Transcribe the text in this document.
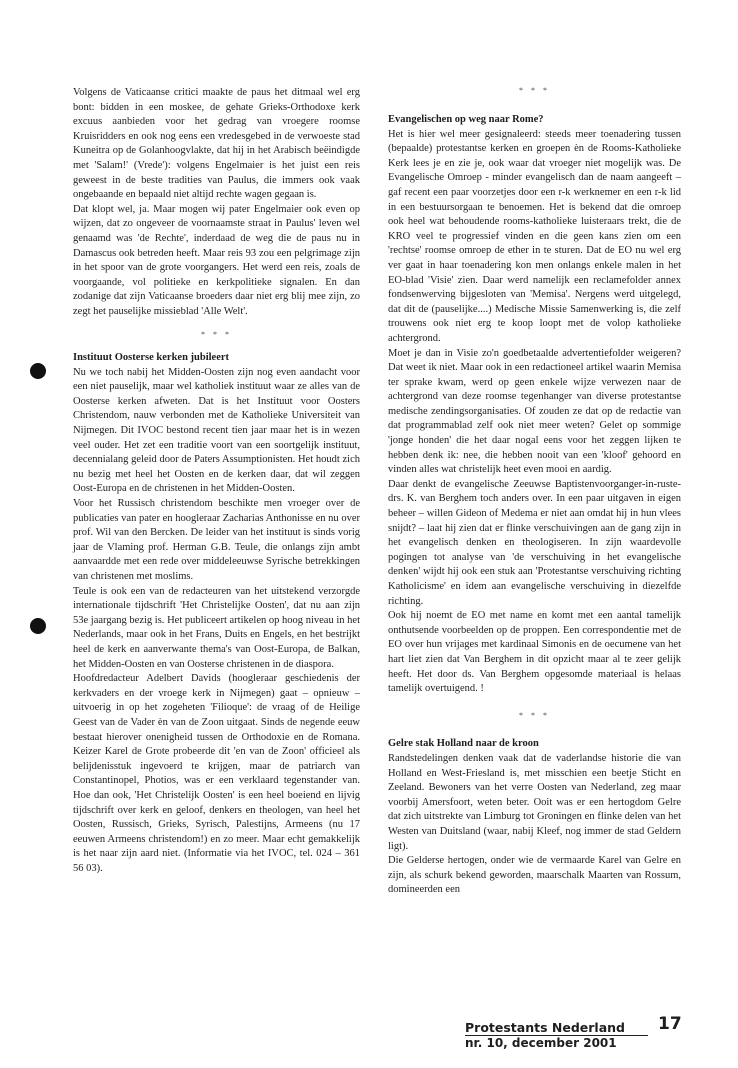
Volgens de Vaticaanse critici maakte de paus het ditmaal wel erg bont: bidden in een moskee, de gehate Grieks-Orthodoxe kerk excuus aanbieden voor het gedrag van vroegere roomse Kruisridders en ook nog eens een vredesgebed in de verwoeste stad Kuneitra op de Golanhoogvlakte, dat hij in het Arabisch beëindigde met 'Salam!' (Vrede'): volgens Engelmaier is het juist een reis geweest in de beste tradities van Paulus, die immers ook vaak ongebaande en bepaald niet altijd rechte wagen gegaan is.

Dat klopt wel, ja. Maar mogen wij pater Engelmaier ook even op wijzen, dat zo ongeveer de voornaamste straat in Paulus' leven wel genaamd was 'de Rechte', inderdaad de weg die de paus nu in Damascus ook betreden heeft. Maar reis 93 zou een pelgrimage zijn in het spoor van de grote voorgangers. Het werd een reis, zoals de voorgaande, vol politieke en kerkpolitieke signalen. En dan zodanige dat zijn Vaticaanse broeders daar niet erg blij mee zijn, zo zegt het pauselijke missieblad 'Alle Welt'.

* * *

Instituut Oosterse kerken jubileert

Nu we toch nabij het Midden-Oosten zijn nog even aandacht voor een niet pauselijk, maar wel katholiek instituut waar ze alles van de Oosterse kerken afweten. Dat is het Instituut voor Oosters Christendom, nauw verbonden met de Katholieke Universiteit van Nijmegen. Dit IVOC bestond recent tien jaar maar het is in wezen veel ouder. Het zet een traditie voort van een soortgelijk instituut, decennialang geleid door de Paters Assumptionisten. Het houdt zich nu bezig met heel het Oosten en de kerken daar, dat wil zeggen Oost-Europa en de christenen in het Midden-Oosten.

Voor het Russisch christendom beschikte men vroeger over de publicaties van pater en hoogleraar Zacharias Anthonisse en nu over prof. Wil van den Bercken. De leider van het instituut is sinds vorig jaar de Vlaming prof. Herman G.B. Teule, die onlangs zijn ambt aanvaardde met een rede over middeleeuwse Syrische betrekkingen van christenen met moslims.

Teule is ook een van de redacteuren van het uitstekend verzorgde internationale tijdschrift 'Het Christelijke Oosten', dat nu aan zijn 53e jaargang bezig is. Het publiceert artikelen op hoog niveau in het Nederlands, maar ook in het Frans, Duits en Engels, en het bestrijkt heel de kerk en aanverwante thema's van Oost-Europa, de Balkan, het Midden-Oosten en van Oosterse christenen in de diaspora.

Hoofdredacteur Adelbert Davids (hoogleraar geschiedenis der kerkvaders en der vroege kerk in Nijmegen) gaat – opnieuw – uitvoerig in op het zogeheten 'Filioque': de vraag of de Heilige Geest van de Vader èn van de Zoon uitgaat. Sinds de negende eeuw bestaat hierover onenigheid tussen de Orthodoxie en de Romana. Keizer Karel de Grote probeerde dit 'en van de Zoon' officieel als belijdenisstuk ingevoerd te krijgen, maar de patriarch van Constantinopel, Photios, was er een verklaard tegenstander van. Hoe dan ook, 'Het Christelijk Oosten' is een heel boeiend en lijvig tijdschrift over kerk en geloof, denkers en theologen, van heel het Oosten, Russisch, Grieks, Syrisch, Palestijns, Armeens (nu 17 eeuwen Armeens christendom!) en zo meer. Maar echt gemakkelijk is het naar zijn aard niet. (Informatie via het IVOC, tel. 024 – 361 56 03).

* * *

Evangelischen op weg naar Rome?

Het is hier wel meer gesignaleerd: steeds meer toenadering tussen (bepaalde) protestantse kerken en groepen èn de Rooms-Katholieke Kerk lees je en zie je, ook waar dat vroeger niet mogelijk was. De Evangelische Omroep - minder evangelisch dan de naam aangeeft – gaf recent een paar voorzetjes door een r-k werknemer en een r-k lid in een bestuursorgaan te benoemen. Het is bekend dat die omroep ook heel wat behoudende rooms-katholieke luisteraars trekt, die de KRO veel te progressief vinden en die geen kans zien om een 'rechtse' roomse omroep de ether in te sturen. Dat de EO nu wel erg ver gaat in haar toenadering kon men onlangs enkele malen in het EO-blad 'Visie' zien. Daar werd namelijk een reclamefolder annex fondsenwerving bijgesloten van 'Memisa'. Nergens werd uitgelegd, dat dit de (pauselijke....) Medische Missie Samenwerking is, die zelf trouwens ook niet erg te koop loopt met de volop katholieke achtergrond.

Moet je dan in Visie zo'n goedbetaalde advertentiefolder weigeren? Dat weet ik niet. Maar ook in een redactioneel artikel waarin Memisa ter sprake kwam, werd op geen enkele wijze verwezen naar de achtergrond van deze roomse tegenhanger van diverse protestantse medische zendingsorganisaties. Of zouden ze dat op de redactie van dat programmablad zelf ook niet meer weten? Gelet op sommige 'jonge honden' die het daar nogal eens voor het zeggen lijken te hebben denk ik: nee, die hebben nooit van een 'kloof' gehoord en vinden alles wat christelijk heet even mooi en aardig.

Daar denkt de evangelische Zeeuwse Baptistenvoorganger-in-ruste- drs. K. van Berghem toch anders over. In een paar uitgaven in eigen beheer – willen Gideon of Medema er niet aan omdat hij in hun vlees snijdt? – laat hij zien dat er flinke verschuivingen aan de gang zijn in het evangelisch denken en theologiseren. In zijn waardevolle pogingen tot analyse van 'de verschuiving in het evangelische denken' wijdt hij ook een stuk aan 'Protestantse verschuiving richting Katholicisme' en idem aan evangelische verschuiving in diezelfde richting.

Ook hij noemt de EO met name en komt met een aantal tamelijk onthutsende voorbeelden op de proppen. Een correspondentie met de EO over hun vrijages met kardinaal Simonis en de oecumene van het hart liet zien dat Van Berghem in dit opzicht maar al te zeer gelijk heeft. Het door ds. Van Berghem opgesomde materiaal is helaas tamelijk overtuigend. !

* * *

Gelre stak Holland naar de kroon

Randstedelingen denken vaak dat de vaderlandse historie die van Holland en West-Friesland is, met misschien een beetje Sticht en Zeeland. Bewoners van het verre Oosten van Nederland, zeg maar voorbij Amersfoort, weten beter. Ooit was er een hertogdom Gelre dat zich uitstrekte van Limburg tot Groningen en flinke delen van het Westen van Duitsland (waar, nabij Kleef, nog immer de stad Geldern ligt).

Die Gelderse hertogen, onder wie de vermaarde Karel van Gelre en zijn, als schurk bekend geworden, maarschalk Maarten van Rossum, domineerden een

Protestants Nederland
nr. 10, december 2001
17
